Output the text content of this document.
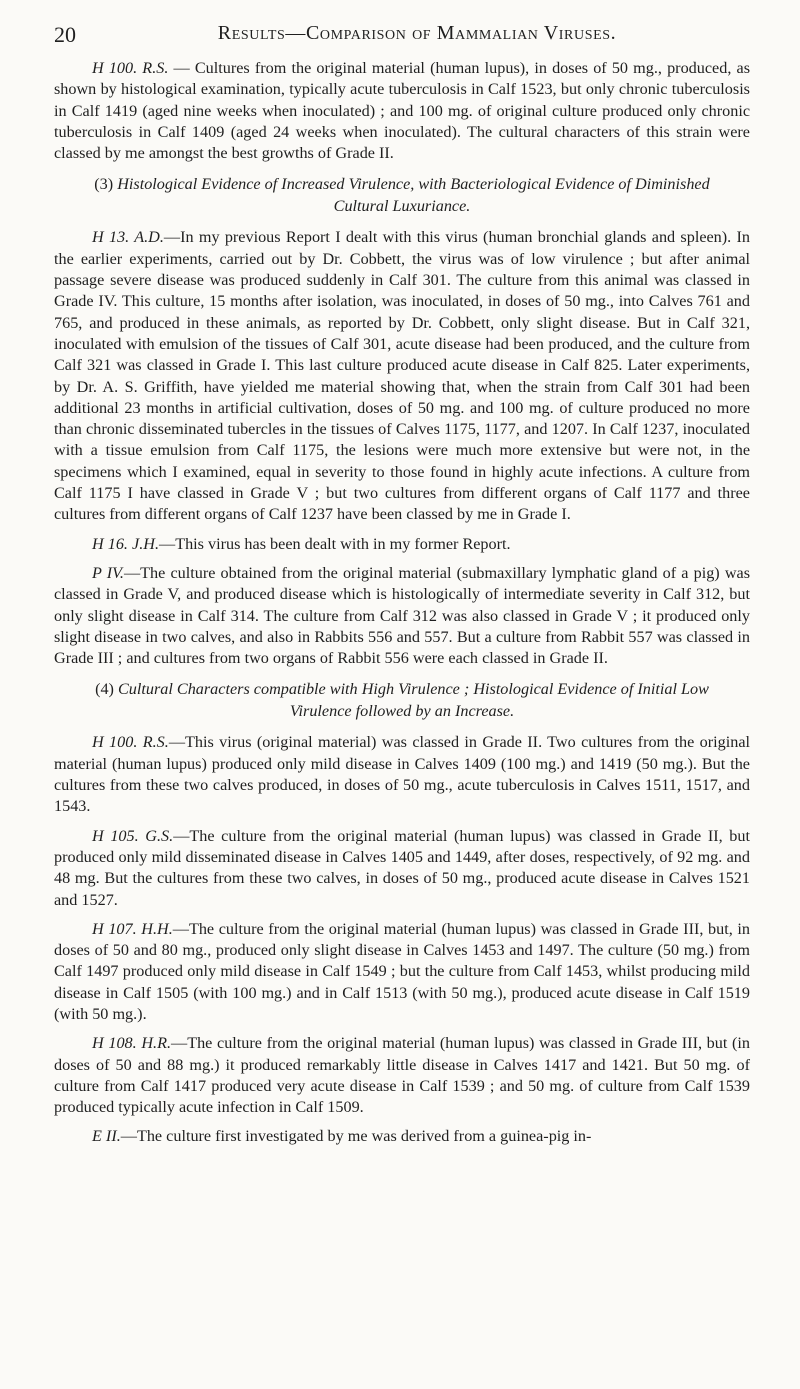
20	Results—Comparison of Mammalian Viruses.

H 100. R.S. — Cultures from the original material (human lupus), in doses of 50 mg., produced, as shown by histological examination, typically acute tuberculosis in Calf 1523, but only chronic tuberculosis in Calf 1419 (aged nine weeks when inoculated) ; and 100 mg. of original culture produced only chronic tuberculosis in Calf 1409 (aged 24 weeks when inoculated). The cultural characters of this strain were classed by me amongst the best growths of Grade II.

(3) Histological Evidence of Increased Virulence, with Bacteriological Evidence of Diminished Cultural Luxuriance.

H 13. A.D.—In my previous Report I dealt with this virus (human bronchial glands and spleen). In the earlier experiments, carried out by Dr. Cobbett, the virus was of low virulence ; but after animal passage severe disease was produced suddenly in Calf 301. The culture from this animal was classed in Grade IV. This culture, 15 months after isolation, was inoculated, in doses of 50 mg., into Calves 761 and 765, and produced in these animals, as reported by Dr. Cobbett, only slight disease. But in Calf 321, inoculated with emulsion of the tissues of Calf 301, acute disease had been produced, and the culture from Calf 321 was classed in Grade I. This last culture produced acute disease in Calf 825. Later experiments, by Dr. A. S. Griffith, have yielded me material showing that, when the strain from Calf 301 had been additional 23 months in artificial cultivation, doses of 50 mg. and 100 mg. of culture produced no more than chronic disseminated tubercles in the tissues of Calves 1175, 1177, and 1207. In Calf 1237, inoculated with a tissue emulsion from Calf 1175, the lesions were much more extensive but were not, in the specimens which I examined, equal in severity to those found in highly acute infections. A culture from Calf 1175 I have classed in Grade V ; but two cultures from different organs of Calf 1177 and three cultures from different organs of Calf 1237 have been classed by me in Grade I.

H 16. J.H.—This virus has been dealt with in my former Report.

P IV.—The culture obtained from the original material (submaxillary lymphatic gland of a pig) was classed in Grade V, and produced disease which is histologically of intermediate severity in Calf 312, but only slight disease in Calf 314. The culture from Calf 312 was also classed in Grade V ; it produced only slight disease in two calves, and also in Rabbits 556 and 557. But a culture from Rabbit 557 was classed in Grade III ; and cultures from two organs of Rabbit 556 were each classed in Grade II.

(4) Cultural Characters compatible with High Virulence ; Histological Evidence of Initial Low Virulence followed by an Increase.

H 100. R.S.—This virus (original material) was classed in Grade II. Two cultures from the original material (human lupus) produced only mild disease in Calves 1409 (100 mg.) and 1419 (50 mg.). But the cultures from these two calves produced, in doses of 50 mg., acute tuberculosis in Calves 1511, 1517, and 1543.

H 105. G.S.—The culture from the original material (human lupus) was classed in Grade II, but produced only mild disseminated disease in Calves 1405 and 1449, after doses, respectively, of 92 mg. and 48 mg. But the cultures from these two calves, in doses of 50 mg., produced acute disease in Calves 1521 and 1527.

H 107. H.H.—The culture from the original material (human lupus) was classed in Grade III, but, in doses of 50 and 80 mg., produced only slight disease in Calves 1453 and 1497. The culture (50 mg.) from Calf 1497 produced only mild disease in Calf 1549 ; but the culture from Calf 1453, whilst producing mild disease in Calf 1505 (with 100 mg.) and in Calf 1513 (with 50 mg.), produced acute disease in Calf 1519 (with 50 mg.).

H 108. H.R.—The culture from the original material (human lupus) was classed in Grade III, but (in doses of 50 and 88 mg.) it produced remarkably little disease in Calves 1417 and 1421. But 50 mg. of culture from Calf 1417 produced very acute disease in Calf 1539 ; and 50 mg. of culture from Calf 1539 produced typically acute infection in Calf 1509.

E II.—The culture first investigated by me was derived from a guinea-pig in-
